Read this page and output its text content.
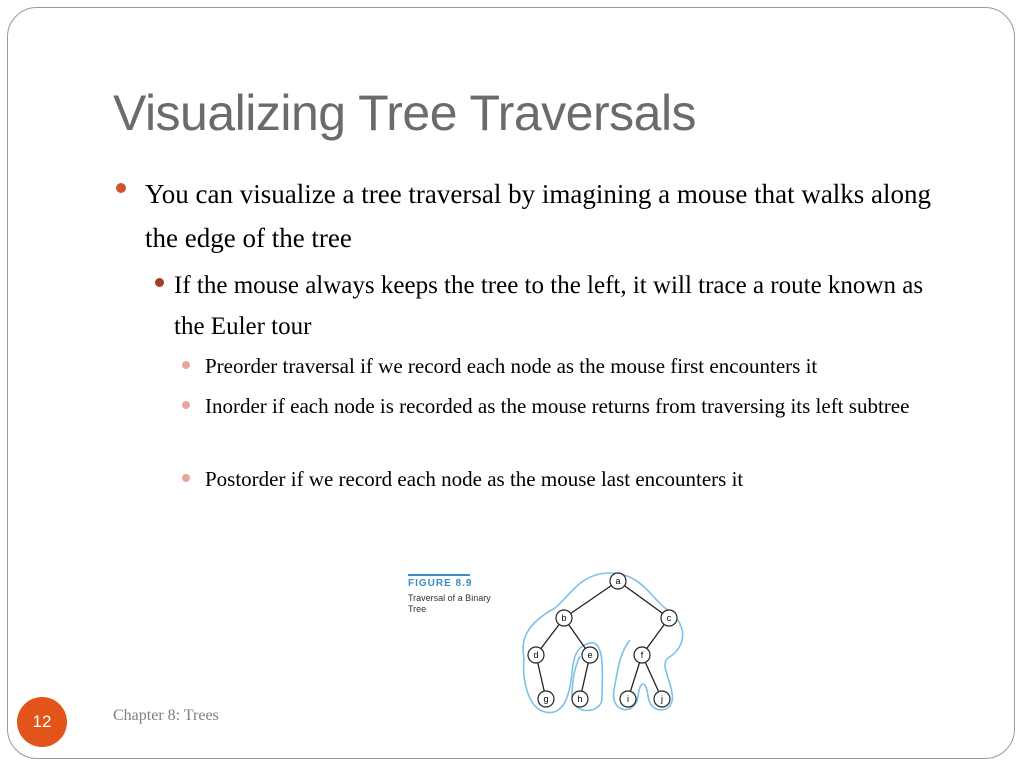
Visualizing Tree Traversals
You can visualize a tree traversal by imagining a mouse that walks along the edge of the tree
If the mouse always keeps the tree to the left, it will trace a route known as the Euler tour
Preorder traversal if we record each node as the mouse first encounters it
Inorder if each node is recorded as the mouse returns from traversing its left subtree
Postorder if we record each node as the mouse last encounters it
FIGURE 8.9
Traversal of a Binary Tree
a
b	c
d	e	f
g	h	i	j
12	Chapter 8: Trees
